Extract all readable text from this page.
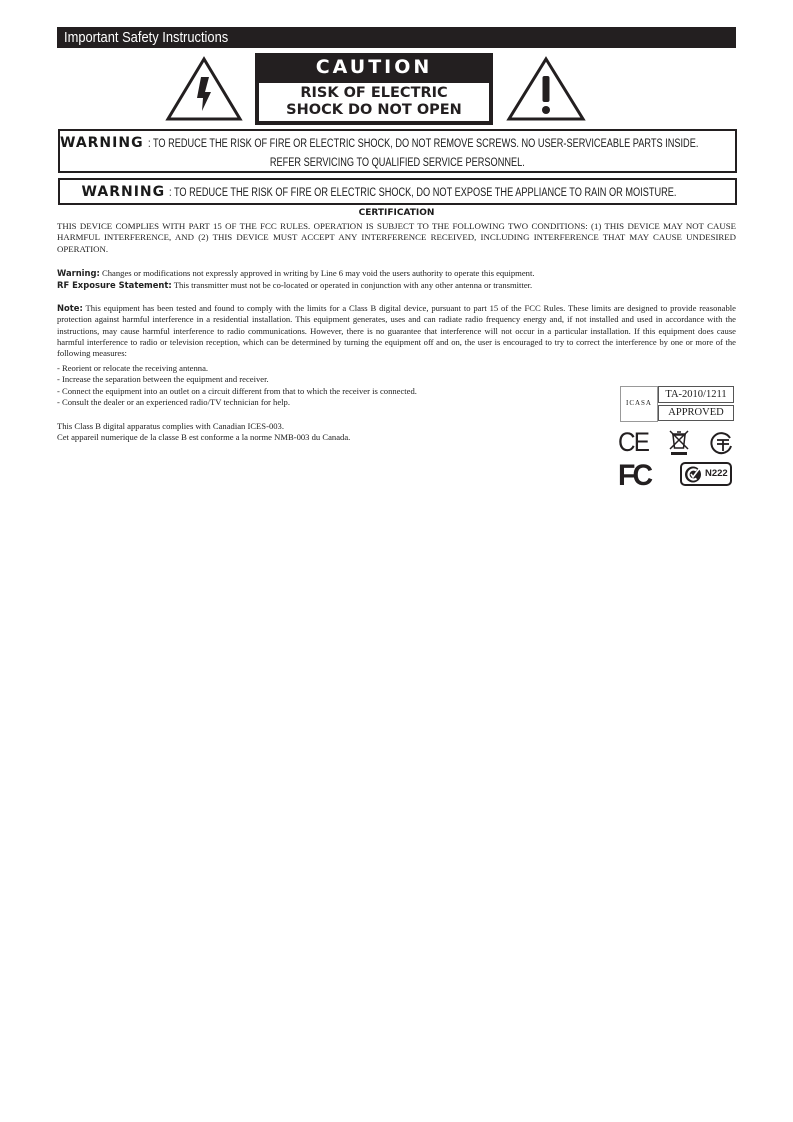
Important Safety Instructions
CAUTION
RISK OF ELECTRIC
SHOCK DO NOT OPEN
WARNING : TO REDUCE THE RISK OF FIRE OR ELECTRIC SHOCK, DO NOT REMOVE SCREWS. NO USER-SERVICEABLE PARTS INSIDE.
REFER SERVICING TO QUALIFIED SERVICE PERSONNEL.
WARNING : TO REDUCE THE RISK OF FIRE OR ELECTRIC SHOCK, DO NOT EXPOSE THE APPLIANCE TO RAIN OR MOISTURE.
CERTIFICATION
THIS DEVICE COMPLIES WITH PART 15 OF THE FCC RULES. OPERATION IS SUBJECT TO THE FOLLOWING TWO CONDITIONS: (1) THIS DEVICE MAY NOT CAUSE HARMFUL INTERFERENCE, AND (2) THIS DEVICE MUST ACCEPT ANY INTERFERENCE RECEIVED, INCLUDING INTERFERENCE THAT MAY CAUSE UNDESIRED OPERATION.
Warning: Changes or modifications not expressly approved in writing by Line 6 may void the users authority to operate this equipment.
RF Exposure Statement: This transmitter must not be co-located or operated in conjunction with any other antenna or transmitter.
Note: This equipment has been tested and found to comply with the limits for a Class B digital device, pursuant to part 15 of the FCC Rules. These limits are designed to provide reasonable protection against harmful interference in a residential installation. This equipment generates, uses and can radiate radio frequency energy and, if not installed and used in accordance with the instructions, may cause harmful interference to radio communications. However, there is no guarantee that interference will not occur in a particular installation. If this equipment does cause harmful interference to radio or television reception, which can be determined by turning the equipment off and on, the user is encouraged to try to correct the interference by one or more of the following measures:
- Reorient or relocate the receiving antenna.
- Increase the separation between the equipment and receiver.
- Connect the equipment into an outlet on a circuit different from that to which the receiver is connected.
- Consult the dealer or an experienced radio/TV technician for help.
This Class B digital apparatus complies with Canadian ICES-003.
Cet appareil numerique de la classe B est conforme a la norme NMB-003 du Canada.
ICASA
TA-2010/1211
APPROVED
CE
FC	N222
